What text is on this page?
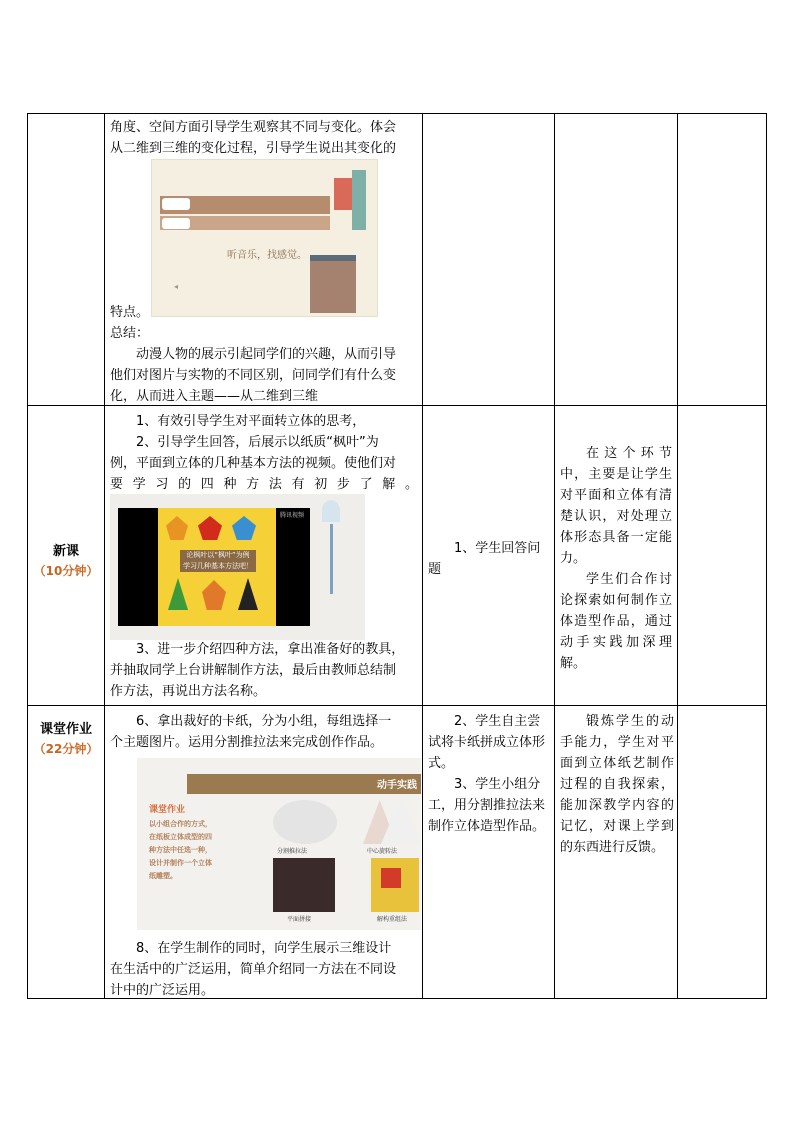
角度、空间方面引导学生观察其不同与变化。体会

从二维到三维的变化过程，引导学生说出其变化的

听音乐，找感觉。
◂

特点。

总结：

动漫人物的展示引起同学们的兴趣，从而引导

他们对图片与实物的不同区别，问同学们有什么变

化，从而进入主题——从二维到三维

新课
（10分钟）

1、有效引导学生对平面转立体的思考，

2、引导学生回答，后展示以纸质“枫叶”为

例，平面到立体的几种基本方法的视频。使他们对

要学习的四种方法有初步了解。

论枫叶以“枫叶”为例
学习几种基本方法吧！
腾讯视频

3、进一步介绍四种方法，拿出准备好的教具，

并抽取同学上台讲解制作方法，最后由教师总结制

作方法，再说出方法名称。

1、学生回答问题

在这个环节中，主要是让学生对平面和立体有清楚认识，对处理立体形态具备一定能力。

学生们合作讨论探索如何制作立体造型作品，通过动手实践加深理解。

课堂作业
（22分钟）

6、拿出裁好的卡纸，分为小组，每组选择一

个主题图片。运用分割推拉法来完成创作作品。

动手实践
课堂作业
以小组合作的方式，
在纸板立体成型的四
种方法中任选一种，
设计并制作一个立体
纸雕塑。
分割推拉法	中心旋转法
平面拼接	解构重组法

8、在学生制作的同时，向学生展示三维设计

在生活中的广泛运用，简单介绍同一方法在不同设

计中的广泛运用。

2、学生自主尝试将卡纸拼成立体形式。

3、学生小组分工，用分割推拉法来制作立体造型作品。

锻炼学生的动手能力，学生对平面到立体纸艺制作过程的自我探索，能加深教学内容的记忆，对课上学到的东西进行反馈。
